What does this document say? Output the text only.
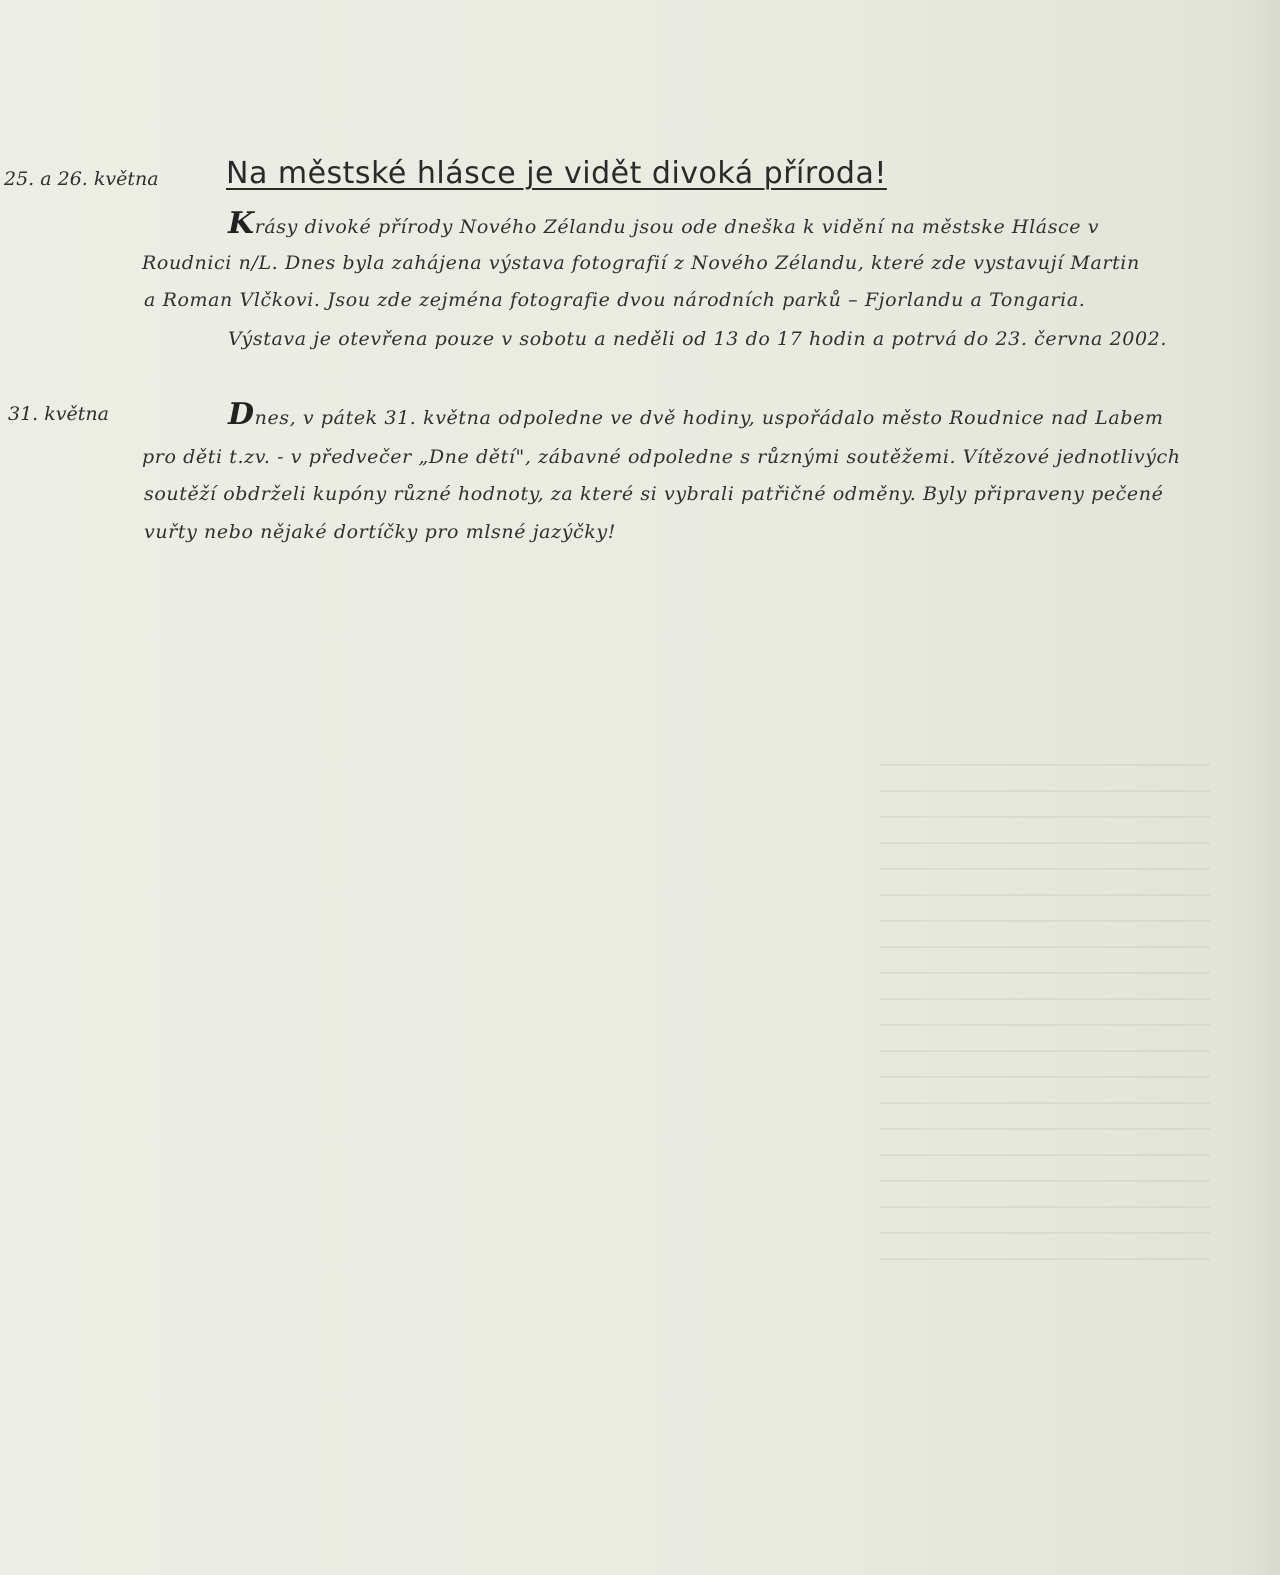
25. a 26. května Na městské hlásce je vidět divoká příroda!
Krásy divoké přírody Nového Zélandu jsou ode dneška k vidění na městske Hlásce v
Roudnici n/L. Dnes byla zahájena výstava fotografií z Nového Zélandu, které zde vystavují Martin
a Roman Vlčkovi. Jsou zde zejména fotografie dvou národních parků – Fjorlandu a Tongaria.
Výstava je otevřena pouze v sobotu a neděli od 13 do 17 hodin a potrvá do 23. června 2002.
31. května	Dnes, v pátek 31. května odpoledne ve dvě hodiny, uspořádalo město Roudnice nad Labem
pro děti t.zv. - v předvečer „Dne dětí", zábavné odpoledne s různými soutěžemi. Vítězové jednotlivých
soutěží obdrželi kupóny různé hodnoty, za které si vybrali patřičné odměny. Byly připraveny pečené
vuřty nebo nějaké dortíčky pro mlsné jazýčky!
